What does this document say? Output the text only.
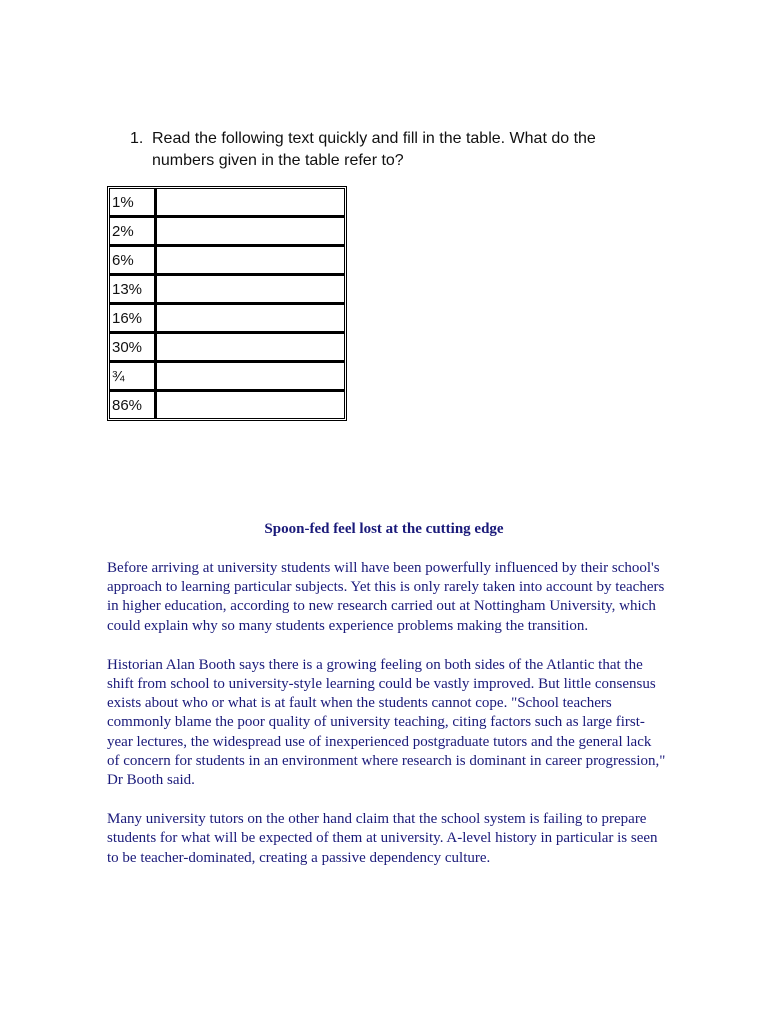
1. Read the following text quickly and fill in the table. What do the numbers given in the table refer to?
1%	
2%	
6%	
13%	
16%	
30%	
¾	
86%	
Spoon-fed feel lost at the cutting edge

Before arriving at university students will have been powerfully influenced by their school's approach to learning particular subjects. Yet this is only rarely taken into account by teachers in higher education, according to new research carried out at Nottingham University, which could explain why so many students experience problems making the transition.

Historian Alan Booth says there is a growing feeling on both sides of the Atlantic that the shift from school to university-style learning could be vastly improved. But little consensus exists about who or what is at fault when the students cannot cope. "School teachers commonly blame the poor quality of university teaching, citing factors such as large first-year lectures, the widespread use of inexperienced postgraduate tutors and the general lack of concern for students in an environment where research is dominant in career progression," Dr Booth said.

Many university tutors on the other hand claim that the school system is failing to prepare students for what will be expected of them at university. A-level history in particular is seen to be teacher-dominated, creating a passive dependency culture.
